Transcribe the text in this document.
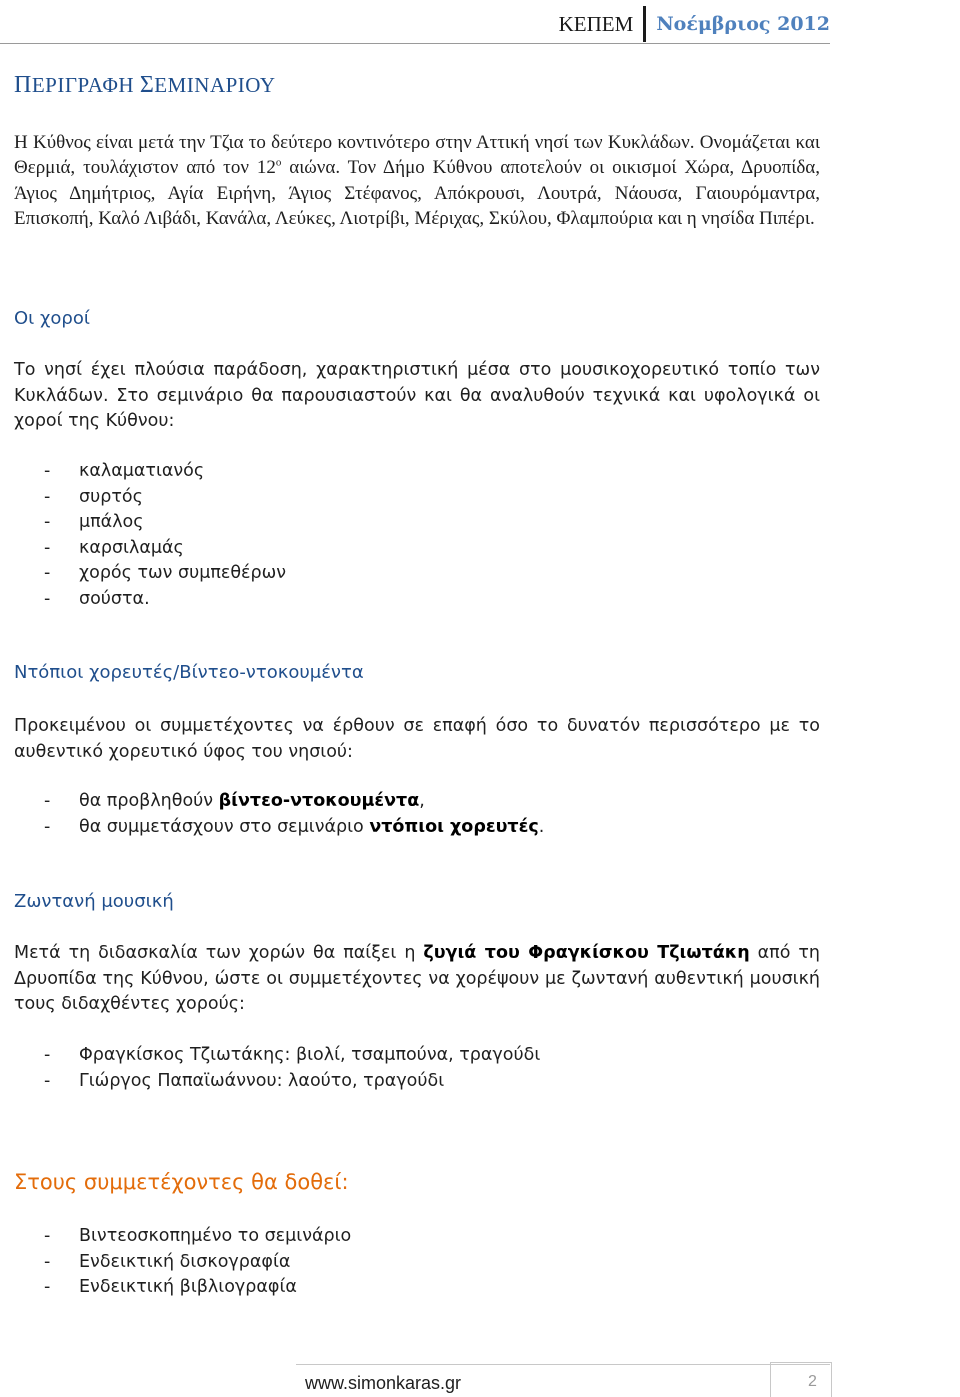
ΚΕΠΕΜ	Νοέμβριος 2012
ΠΕΡΙΓΡΑΦΗ ΣΕΜΙΝΑΡΙΟΥ

Η Κύθνος είναι μετά την Τζια το δεύτερο κοντινότερο στην Αττική νησί των Κυκλάδων. Ονομάζεται και Θερμιά, τουλάχιστον από τον $12^o$ αιώνα. Τον Δήμο Κύθνου αποτελούν οι οικισμοί Χώρα, Δρυοπίδα, Άγιος Δημήτριος, Αγία Ειρήνη, Άγιος Στέφανος, Απόκρουσι, Λουτρά, Νάουσα, Γαιουρόμαντρα, Επισκοπή, Καλό Λιβάδι, Κανάλα, Λεύκες, Λιοτρίβι, Μέριχας, Σκύλου, Φλαμπούρια και η νησίδα Πιπέρι.

Οι χοροί

Το νησί έχει πλούσια παράδοση, χαρακτηριστική μέσα στο μουσικοχορευτικό τοπίο των Κυκλάδων. Στο σεμινάριο θα παρουσιαστούν και θα αναλυθούν τεχνικά και υφολογικά οι χοροί της Κύθνου:

- καλαματιανός
- συρτός
- μπάλος
- καρσιλαμάς
- χορός των συμπεθέρων
- σούστα.
Ντόπιοι χορευτές/Βίντεο-ντοκουμέντα

Προκειμένου οι συμμετέχοντες να έρθουν σε επαφή όσο το δυνατόν περισσότερο με το αυθεντικό χορευτικό ύφος του νησιού:

- θα προβληθούν βίντεο-ντοκουμέντα,
- θα συμμετάσχουν στο σεμινάριο ντόπιοι χορευτές.
Ζωντανή μουσική

Μετά τη διδασκαλία των χορών θα παίξει η ζυγιά του Φραγκίσκου Τζιωτάκη από τη Δρυοπίδα της Κύθνου, ώστε οι συμμετέχοντες να χορέψουν με ζωντανή αυθεντική μουσική τους διδαχθέντες χορούς:

- Φραγκίσκος Τζιωτάκης: βιολί, τσαμπούνα, τραγούδι
- Γιώργος Παπαϊωάννου: λαούτο, τραγούδι
Στους συμμετέχοντες θα δοθεί:
- Βιντεοσκοπημένο το σεμινάριο
- Ενδεικτική δισκογραφία
- Ενδεικτική βιβλιογραφία
www.simonkaras.gr	2
